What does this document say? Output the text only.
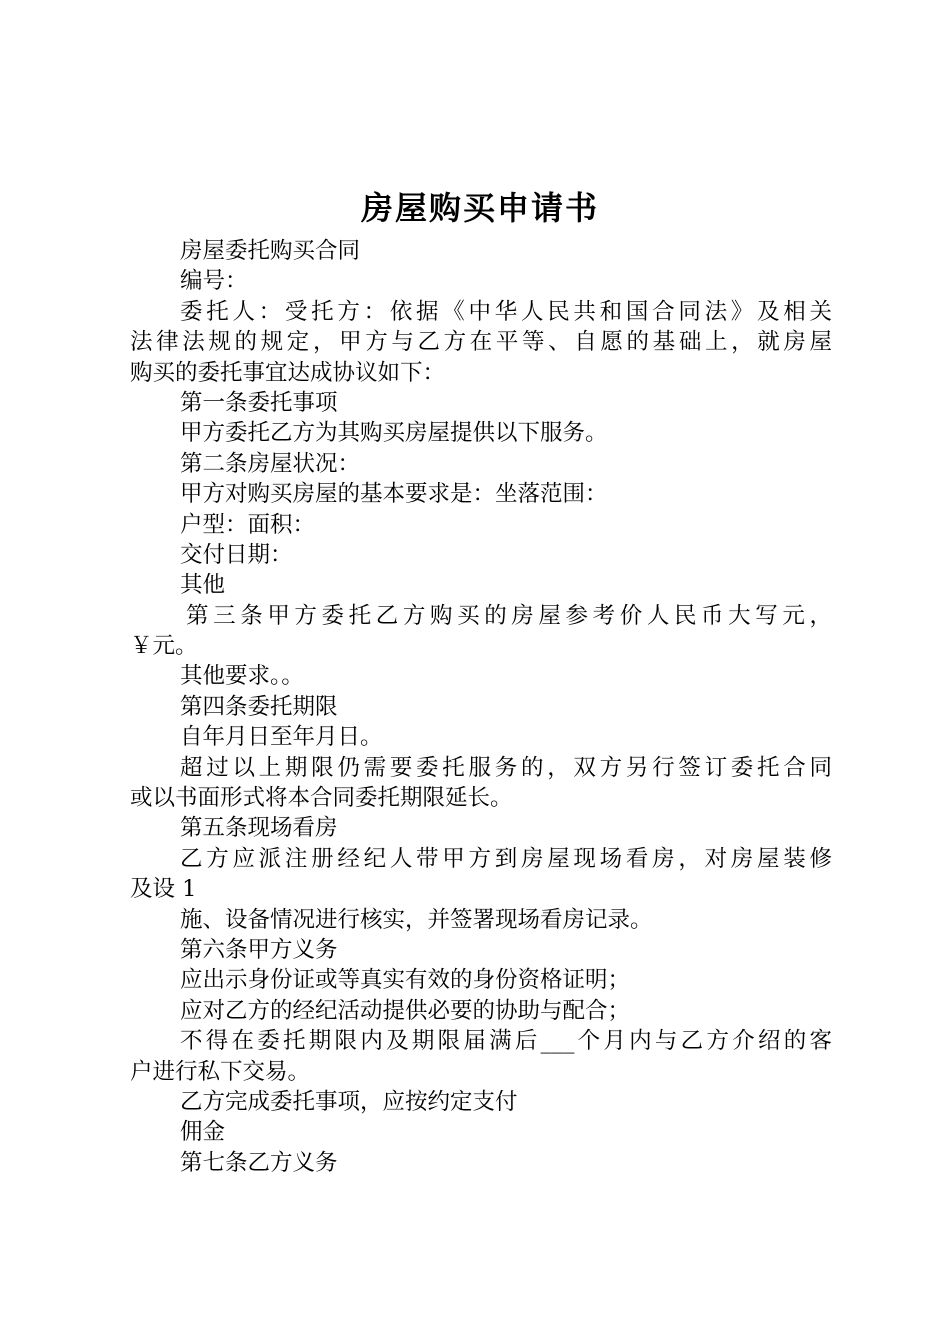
房屋购买申请书

房屋委托购买合同

编号：

委托人：受托方：依据《中华人民共和国合同法》及相关

法律法规的规定，甲方与乙方在平等、自愿的基础上，就房屋

购买的委托事宜达成协议如下：

第一条委托事项

甲方委托乙方为其购买房屋提供以下服务。

第二条房屋状况：

甲方对购买房屋的基本要求是：坐落范围：

户型：面积：

交付日期：

其他

第三条甲方委托乙方购买的房屋参考价人民币大写元，

￥元。

其他要求。。

第四条委托期限

自年月日至年月日。

超过以上期限仍需要委托服务的，双方另行签订委托合同

或以书面形式将本合同委托期限延长。

第五条现场看房

乙方应派注册经纪人带甲方到房屋现场看房，对房屋装修

及设 1

施、设备情况进行核实，并签署现场看房记录。

第六条甲方义务

应出示身份证或等真实有效的身份资格证明；

应对乙方的经纪活动提供必要的协助与配合；

不得在委托期限内及期限届满后___个月内与乙方介绍的客

户进行私下交易。

乙方完成委托事项，应按约定支付

佣金

第七条乙方义务
